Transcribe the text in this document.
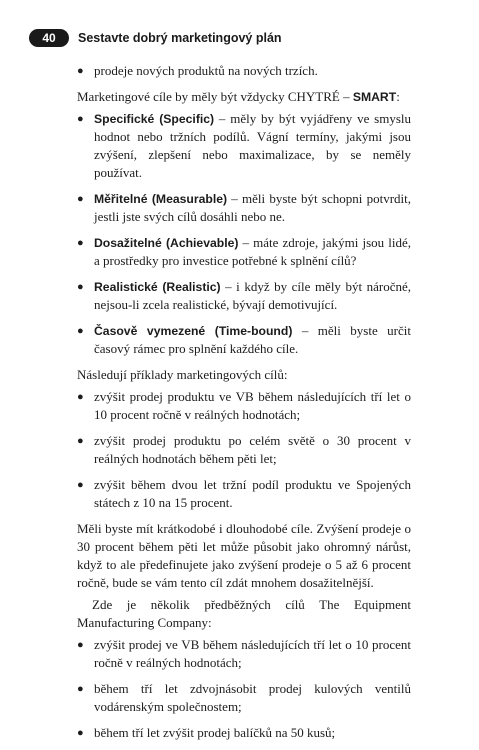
40	Sestavte dobrý marketingový plán
● prodeje nových produktů na nových trzích.

Marketingové cíle by měly být vždycky CHYTRÉ – SMART:

● Specifické (Specific) – měly by být vyjádřeny ve smyslu hodnot nebo tržních podílů. Vágní termíny, jakými jsou zvýšení, zlepšení nebo maximalizace, by se neměly používat.
● Měřitelné (Measurable) – měli byste být schopni potvrdit, jestli jste svých cílů dosáhli nebo ne.
● Dosažitelné (Achievable) – máte zdroje, jakými jsou lidé, a prostředky pro investice potřebné k splnění cílů?
● Realistické (Realistic) – i když by cíle měly být náročné, nejsou-li zcela realistické, bývají demotivující.
● Časově vymezené (Time-bound) – měli byste určit časový rámec pro splnění každého cíle.

Následují příklady marketingových cílů:

● zvýšit prodej produktu ve VB během následujících tří let o 10 procent ročně v reálných hodnotách;
● zvýšit prodej produktu po celém světě o 30 procent v reálných hodnotách během pěti let;
● zvýšit během dvou let tržní podíl produktu ve Spojených státech z 10 na 15 procent.

Měli byste mít krátkodobé i dlouhodobé cíle. Zvýšení prodeje o 30 procent během pěti let může působit jako ohromný nárůst, když to ale předefinujete jako zvýšení prodeje o 5 až 6 procent ročně, bude se vám tento cíl zdát mnohem dosažitelnější.

Zde je několik předběžných cílů The Equipment Manufacturing Company:

● zvýšit prodej ve VB během následujících tří let o 10 procent ročně v reálných hodnotách;
● během tří let zdvojnásobit prodej kulových ventilů vodárenským společnostem;
● během tří let zvýšit prodej balíčků na 50 kusů;
